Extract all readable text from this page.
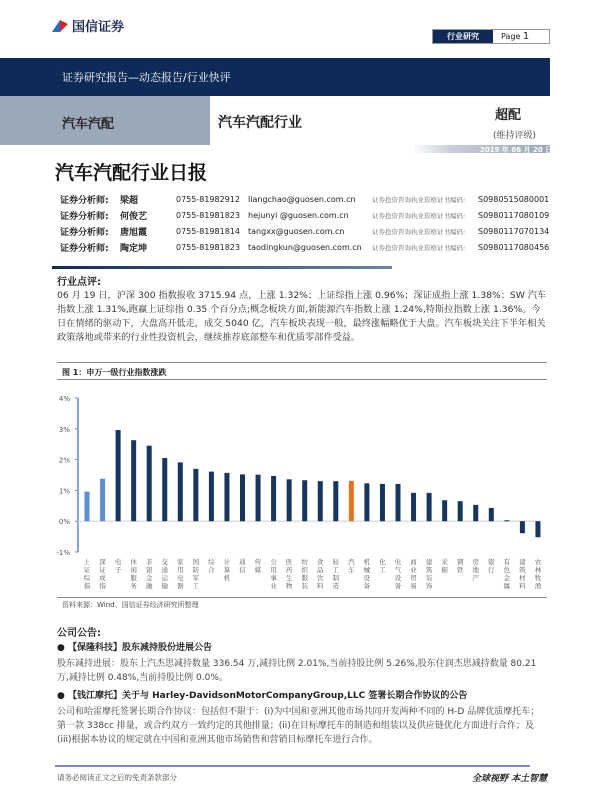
国信证券
行业研究	Page 1
证券研究报告—动态报告/行业快评
汽车汽配	汽车汽配行业	超配
(维持评级)
2019 年 06 月 20 日
汽车汽配行业日报
证券分析师:	梁超	0755-81982912 liangchao@guosen.com.cn	证券投资咨询执业资格证书编码:	S0980515080001
证券分析师:	何俊艺	0755-81981823 hejunyi @guosen.com.cn	证券投资咨询执业资格证书编码:	S0980117080109
证券分析师:	唐旭霞	0755-81981814 tangxx@guosen.com.cn	证券投资咨询执业资格证书编码:	S0980117070134
证券分析师:	陶定坤	0755-81981823 taodingkun@guosen.com.cn	证券投资咨询执业资格证书编码:	S0980117080456
行业点评:
06 月 19 日，沪深 300 指数报收 3715.94 点，上涨 1.32%；上证综指上涨 0.96%；深证成指上涨 1.38%；SW 汽车指数上涨 1.31%,跑赢上证综指 0.35 个百分点;概念板块方面,新能源汽车指数上涨 1.24%,特斯拉指数上涨 1.36%。今日在情绪的驱动下，大盘高开低走，成交 5040 亿，汽车板块表现一般，最终涨幅略优于大盘。汽车板块关注下半年相关政策落地或带来的行业性投资机会，继续推荐底部整车和优质零部件受益。
图 1：申万一级行业指数涨跌
4%
3%
2%
1%
0%
-1%
上证综指
深证成指
电子
休闲服务
非银金融
交通运输
家用电器
国防军工
综合
计算机
通信
传媒
公用事业
医药生物
纺织服装
食品饮料
轻工制造
汽车
机械设备
化工
电气设备
商业贸易
建筑装饰
采掘
钢铁
房地产
银行
有色金属
建筑材料
农林牧渔
资料来源：Wind、国信证券经济研究所整理
公司公告:
● 【保隆科技】股东减持股份进展公告
股东减持进展：股东上汽杰思减持数量 336.54 万,减持比例 2.01%,当前持股比例 5.26%,股东住润杰思减持数量 80.21 万,减持比例 0.48%,当前持股比例 0.0%。
● 【钱江摩托】关于与 Harley-DavidsonMotorCompanyGroup,LLC 签署长期合作协议的公告
公司和哈雷摩托签署长期合作协议：包括但不限于：(i)为中国和亚洲其他市场共同开发两种不同的 H-D 品牌优质摩托车；第一款 338cc 排量，或合约双方一致约定的其他排量；(ii)在目标摩托车的制造和组装以及供应链优化方面进行合作；及(iii)根据本协议的规定就在中国和亚洲其他市场销售和营销目标摩托车进行合作。
请务必阅读正文之后的免责条款部分	全球视野 本土智慧
